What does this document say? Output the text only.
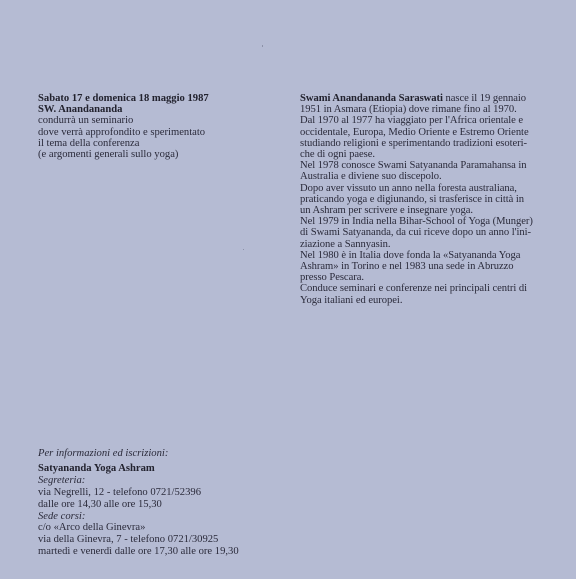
Sabato 17 e domenica 18 maggio 1987
SW. Anandananda
condurrà un seminario
dove verrà approfondito e sperimentato
il tema della conferenza
(e argomenti generali sullo yoga)
Swami Anandananda Saraswati nasce il 19 gennaio
1951 in Asmara (Etiopia) dove rimane fino al 1970.
Dal 1970 al 1977 ha viaggiato per l'Africa orientale e
occidentale, Europa, Medio Oriente e Estremo Oriente
studiando religioni e sperimentando tradizioni esoteri-
che di ogni paese.
Nel 1978 conosce Swami Satyananda Paramahansa in
Australia e diviene suo discepolo.
Dopo aver vissuto un anno nella foresta australiana,
praticando yoga e digiunando, si trasferisce in città in
un Ashram per scrivere e insegnare yoga.
Nel 1979 in India nella Bihar-School of Yoga (Munger)
di Swami Satyananda, da cui riceve dopo un anno l'ini-
ziazione a Sannyasin.
Nel 1980 è in Italia dove fonda la «Satyananda Yoga
Ashram» in Torino e nel 1983 una sede in Abruzzo
presso Pescara.
Conduce seminari e conferenze nei principali centri di
Yoga italiani ed europei.
Per informazioni ed iscrizioni:
Satyananda Yoga Ashram
Segreteria:
via Negrelli, 12 - telefono 0721/52396
dalle ore 14,30 alle ore 15,30
Sede corsi:
c/o «Arco della Ginevra»
via della Ginevra, 7 - telefono 0721/30925
martedì e venerdì dalle ore 17,30 alle ore 19,30
